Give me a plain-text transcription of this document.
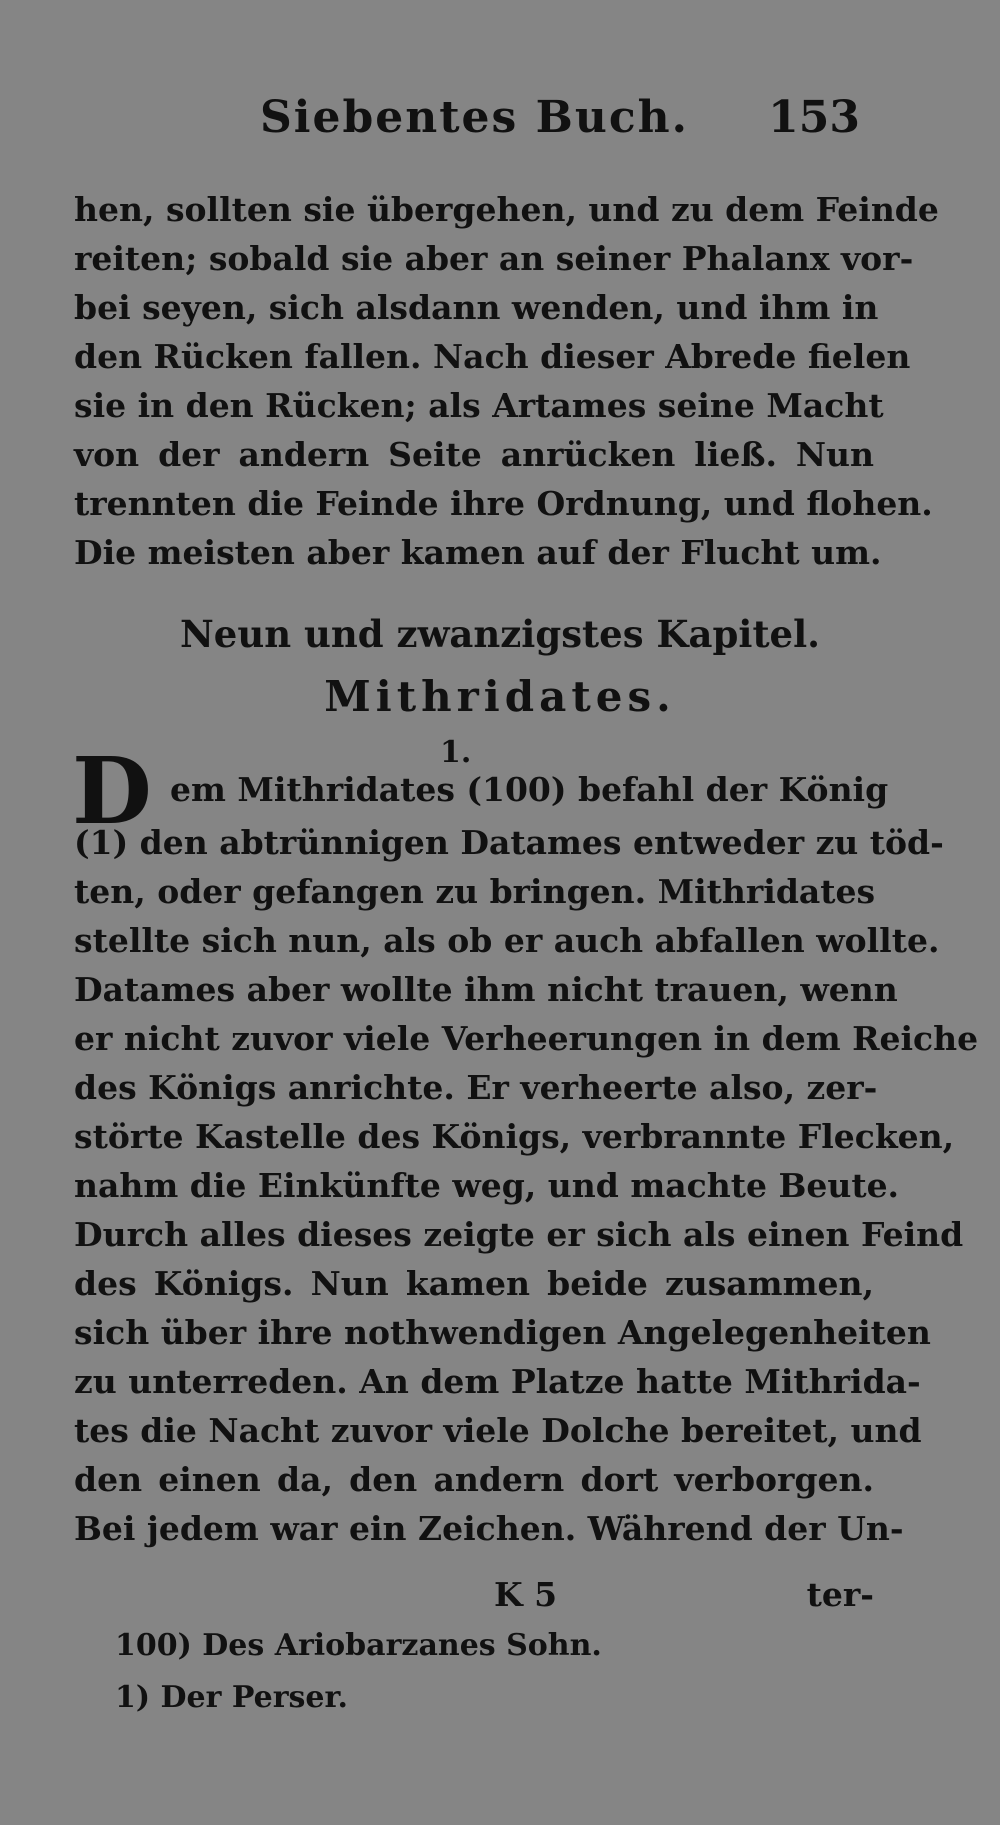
Siebentes Buch. 153
hen, sollten sie übergehen, und zu dem Feinde
reiten; sobald sie aber an seiner Phalanx vor-
bei seyen, sich alsdann wenden, und ihm in
den Rücken fallen. Nach dieser Abrede fielen
sie in den Rücken; als Artames seine Macht
von der andern Seite anrücken ließ. Nun
trennten die Feinde ihre Ordnung, und flohen.
Die meisten aber kamen auf der Flucht um.
Neun und zwanzigstes Kapitel.
Mithridates.
1.
D em Mithridates (100) befahl der König
(1) den abtrünnigen Datames entweder zu töd-
ten, oder gefangen zu bringen. Mithridates
stellte sich nun, als ob er auch abfallen wollte.
Datames aber wollte ihm nicht trauen, wenn
er nicht zuvor viele Verheerungen in dem Reiche
des Königs anrichte. Er verheerte also, zer-
störte Kastelle des Königs, verbrannte Flecken,
nahm die Einkünfte weg, und machte Beute.
Durch alles dieses zeigte er sich als einen Feind
des Königs. Nun kamen beide zusammen,
sich über ihre nothwendigen Angelegenheiten
zu unterreden. An dem Platze hatte Mithrida-
tes die Nacht zuvor viele Dolche bereitet, und
den einen da, den andern dort verborgen.
Bei jedem war ein Zeichen. Während der Un-
K 5	ter-
100) Des Ariobarzanes Sohn.
1) Der Perser.
